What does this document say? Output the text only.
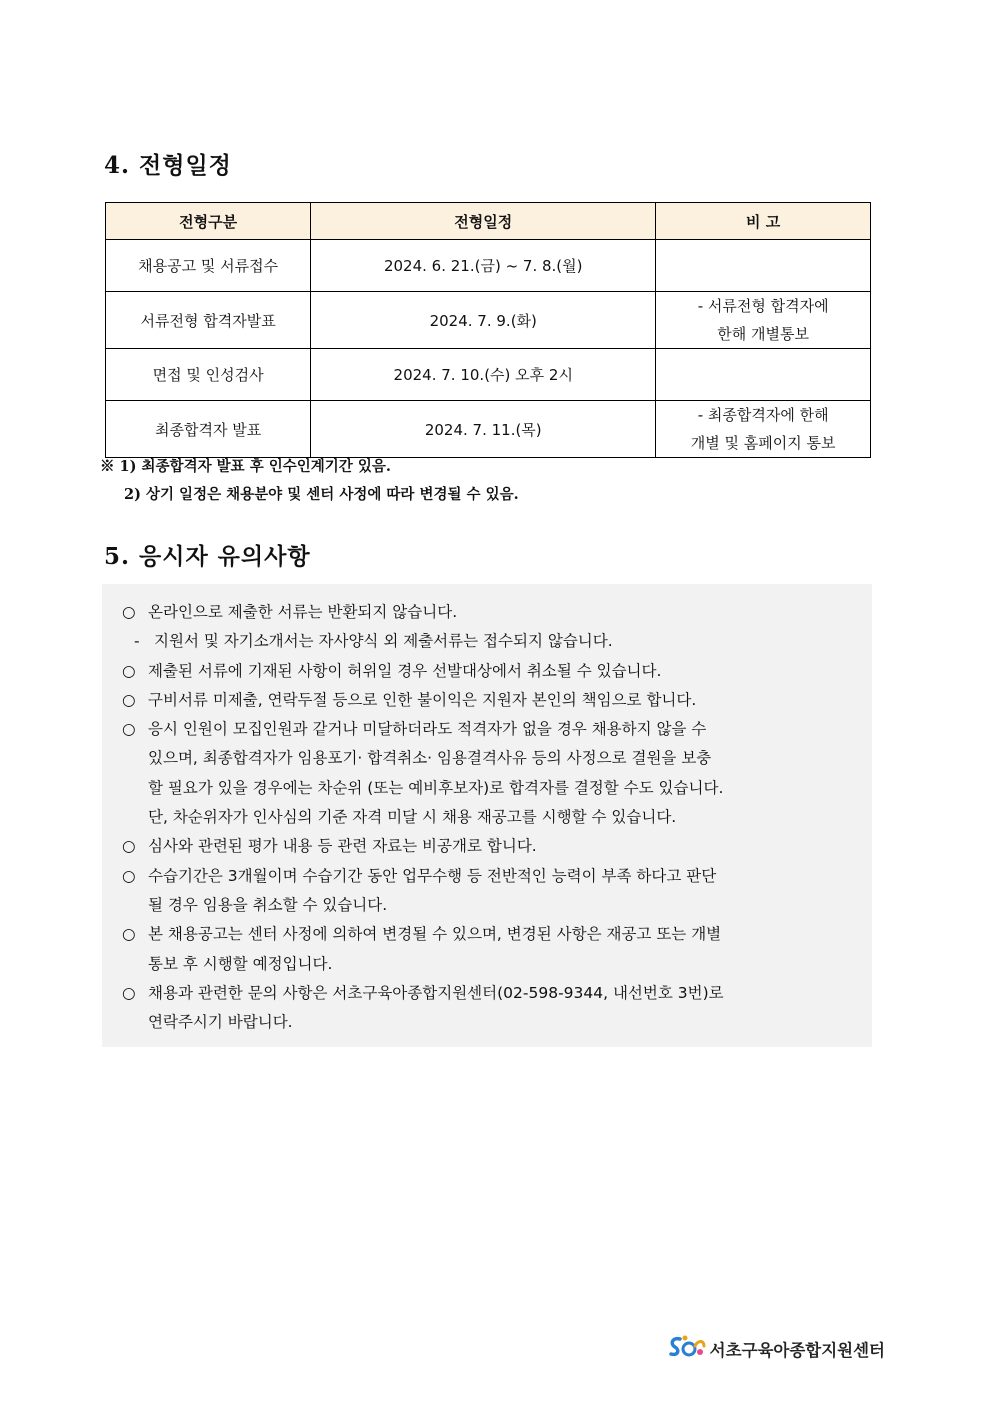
4. 전형일정
전형구분	전형일정	비 고
채용공고 및 서류접수	2024. 6. 21.(금) ~ 7. 8.(월)	
서류전형 합격자발표	2024. 7. 9.(화)	- 서류전형 합격자에
한해 개별통보

면접 및 인성검사	2024. 7. 10.(수) 오후 2시	
최종합격자 발표	2024. 7. 11.(목)	- 최종합격자에 한해
개별 및 홈페이지 통보
※ 1) 최종합격자 발표 후 인수인계기간 있음.
2) 상기 일정은 채용분야 및 센터 사정에 따라 변경될 수 있음.
5. 응시자 유의사항
○ 온라인으로 제출한 서류는 반환되지 않습니다.
- 지원서 및 자기소개서는 자사양식 외 제출서류는 접수되지 않습니다.
○ 제출된 서류에 기재된 사항이 허위일 경우 선발대상에서 취소될 수 있습니다.
○ 구비서류 미제출, 연락두절 등으로 인한 불이익은 지원자 본인의 책임으로 합니다.
○ 응시 인원이 모집인원과 같거나 미달하더라도 적격자가 없을 경우 채용하지 않을 수
있으며, 최종합격자가 임용포기· 합격취소· 임용결격사유 등의 사정으로 결원을 보충
할 필요가 있을 경우에는 차순위 (또는 예비후보자)로 합격자를 결정할 수도 있습니다.
단, 차순위자가 인사심의 기준 자격 미달 시 채용 재공고를 시행할 수 있습니다.
○ 심사와 관련된 평가 내용 등 관련 자료는 비공개로 합니다.
○ 수습기간은 3개월이며 수습기간 동안 업무수행 등 전반적인 능력이 부족 하다고 판단
될 경우 임용을 취소할 수 있습니다.
○ 본 채용공고는 센터 사정에 의하여 변경될 수 있으며, 변경된 사항은 재공고 또는 개별
통보 후 시행할 예정입니다.
○ 채용과 관련한 문의 사항은 서초구육아종합지원센터(02-598-9344, 내선번호 3번)로
연락주시기 바랍니다.
서초구육아종합지원센터
